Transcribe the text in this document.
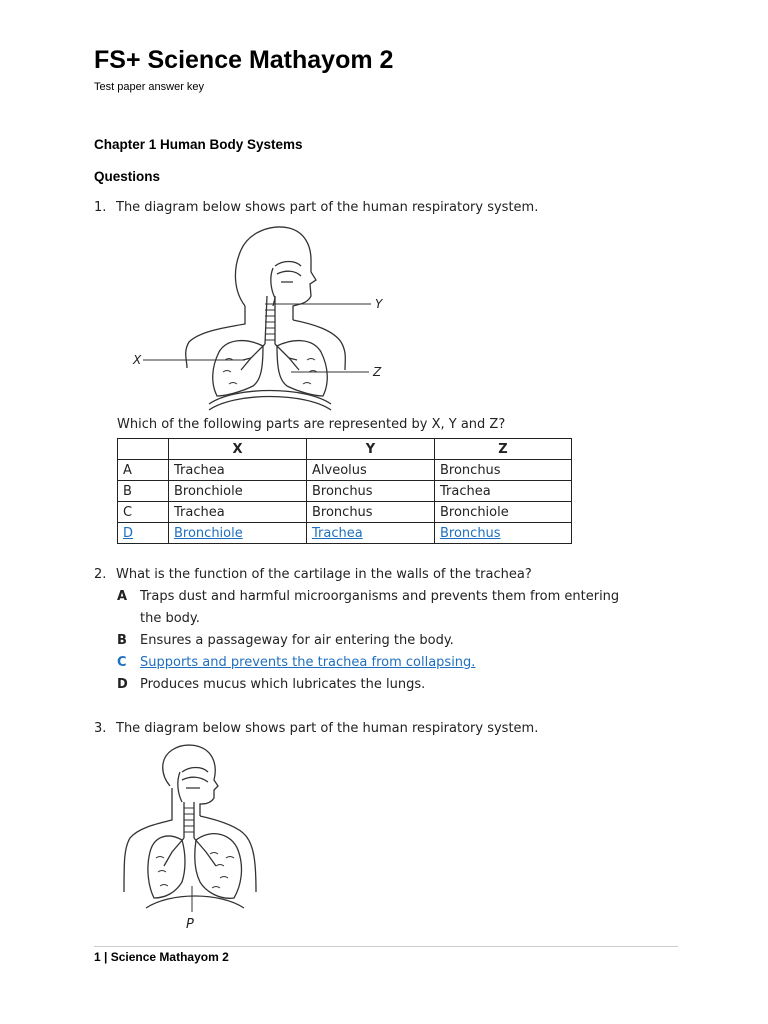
FS+ Science Mathayom 2
Test paper answer key
Chapter 1 Human Body Systems
Questions
1. The diagram below shows part of the human respiratory system.
X
Y
Z
Which of the following parts are represented by X, Y and Z?
	X	Y	Z
A	Trachea	Alveolus	Bronchus
B	Bronchiole	Bronchus	Trachea
C	Trachea	Bronchus	Bronchiole
D	Bronchiole	Trachea	Bronchus
2. What is the function of the cartilage in the walls of the trachea?
A Traps dust and harmful microorganisms and prevents them from entering
the body.
B Ensures a passageway for air entering the body.
C Supports and prevents the trachea from collapsing.
D Produces mucus which lubricates the lungs.
3. The diagram below shows part of the human respiratory system.
P
1 | Science Mathayom 2
